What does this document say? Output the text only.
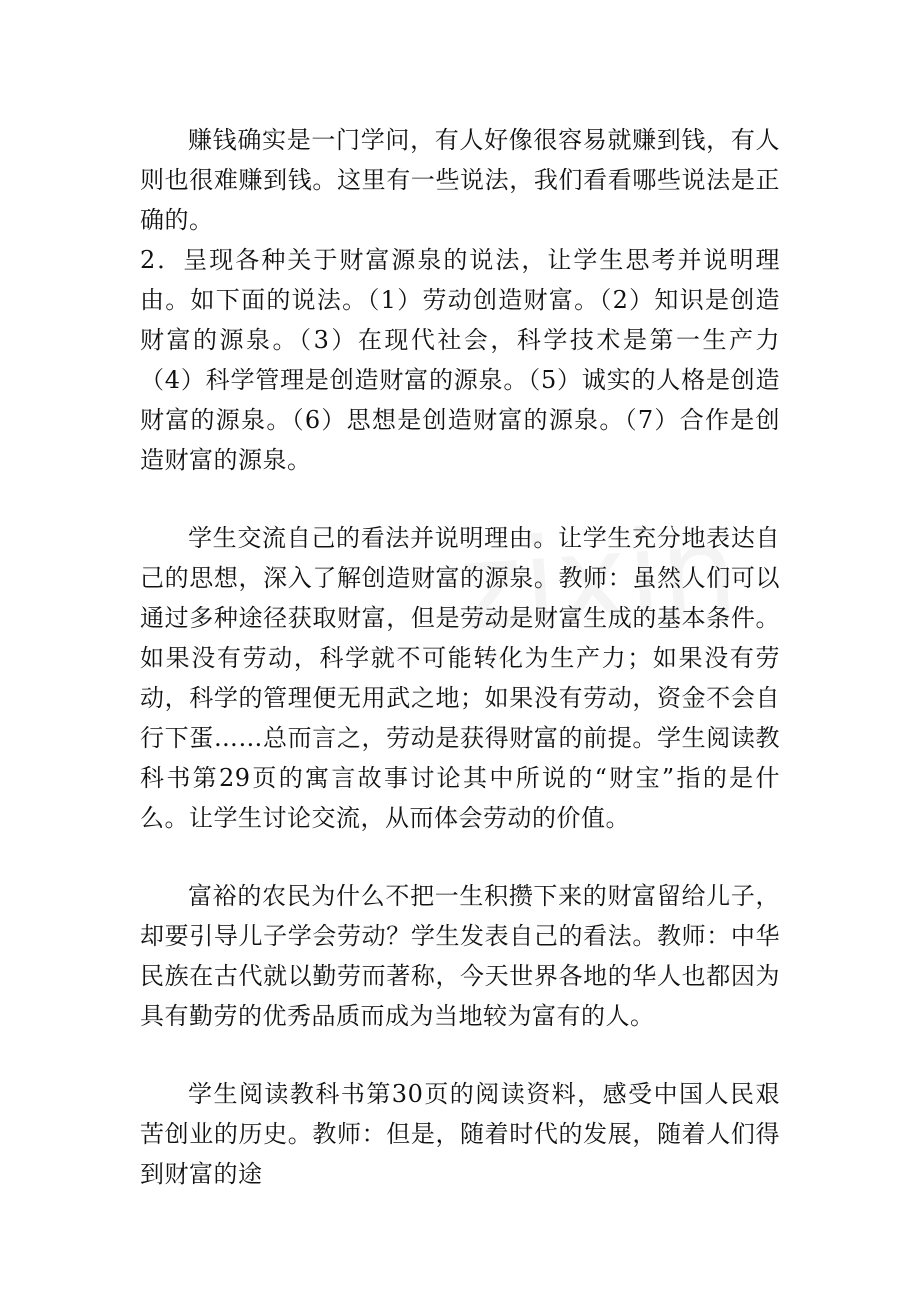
赚钱确实是一门学问，有人好像很容易就赚到钱，有人则也很难赚到钱。这里有一些说法，我们看看哪些说法是正确的。

2．呈现各种关于财富源泉的说法，让学生思考并说明理由。如下面的说法。（1）劳动创造财富。（2）知识是创造财富的源泉。（3）在现代社会，科学技术是第一生产力（4）科学管理是创造财富的源泉。（5）诚实的人格是创造财富的源泉。（6）思想是创造财富的源泉。（7）合作是创造财富的源泉。

学生交流自己的看法并说明理由。让学生充分地表达自己的思想，深入了解创造财富的源泉。教师：虽然人们可以通过多种途径获取财富，但是劳动是财富生成的基本条件。如果没有劳动，科学就不可能转化为生产力；如果没有劳动，科学的管理便无用武之地；如果没有劳动，资金不会自行下蛋……总而言之，劳动是获得财富的前提。学生阅读教科书第29页的寓言故事讨论其中所说的“财宝”指的是什么。让学生讨论交流，从而体会劳动的价值。

富裕的农民为什么不把一生积攒下来的财富留给儿子，却要引导儿子学会劳动？学生发表自己的看法。教师：中华民族在古代就以勤劳而著称，今天世界各地的华人也都因为具有勤劳的优秀品质而成为当地较为富有的人。

学生阅读教科书第30页的阅读资料，感受中国人民艰苦创业的历史。教师：但是，随着时代的发展，随着人们得到财富的途
